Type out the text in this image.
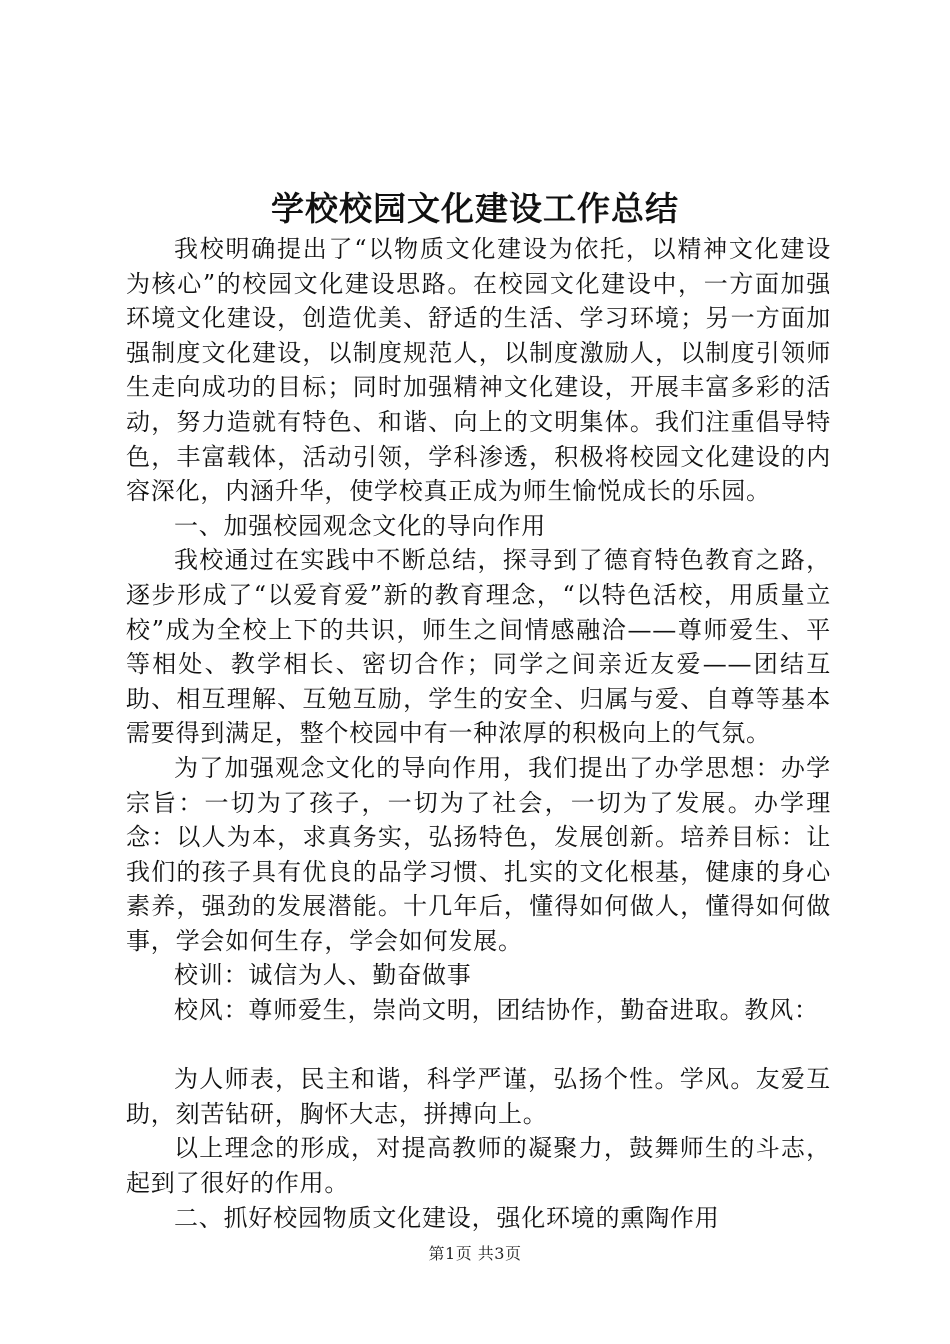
学校校园文化建设工作总结

我校明确提出了“以物质文化建设为依托，以精神文化建设为核心”的校园文化建设思路。在校园文化建设中，一方面加强环境文化建设，创造优美、舒适的生活、学习环境；另一方面加强制度文化建设，以制度规范人，以制度激励人，以制度引领师生走向成功的目标；同时加强精神文化建设，开展丰富多彩的活动，努力造就有特色、和谐、向上的文明集体。我们注重倡导特色，丰富载体，活动引领，学科渗透，积极将校园文化建设的内容深化，内涵升华，使学校真正成为师生愉悦成长的乐园。

一、加强校园观念文化的导向作用

我校通过在实践中不断总结，探寻到了德育特色教育之路，逐步形成了“以爱育爱”新的教育理念，“以特色活校，用质量立校”成为全校上下的共识，师生之间情感融洽——尊师爱生、平等相处、教学相长、密切合作；同学之间亲近友爱——团结互助、相互理解、互勉互励，学生的安全、归属与爱、自尊等基本需要得到满足，整个校园中有一种浓厚的积极向上的气氛。

为了加强观念文化的导向作用，我们提出了办学思想：办学宗旨：一切为了孩子，一切为了社会，一切为了发展。办学理念：以人为本，求真务实，弘扬特色，发展创新。培养目标：让我们的孩子具有优良的品学习惯、扎实的文化根基，健康的身心素养，强劲的发展潜能。十几年后，懂得如何做人，懂得如何做事，学会如何生存，学会如何发展。

校训：诚信为人、勤奋做事

校风：尊师爱生，崇尚文明，团结协作，勤奋进取。教风：

为人师表，民主和谐，科学严谨，弘扬个性。学风。友爱互助，刻苦钻研，胸怀大志，拼搏向上。

以上理念的形成，对提高教师的凝聚力，鼓舞师生的斗志，起到了很好的作用。

二、抓好校园物质文化建设，强化环境的熏陶作用

第1页 共3页
